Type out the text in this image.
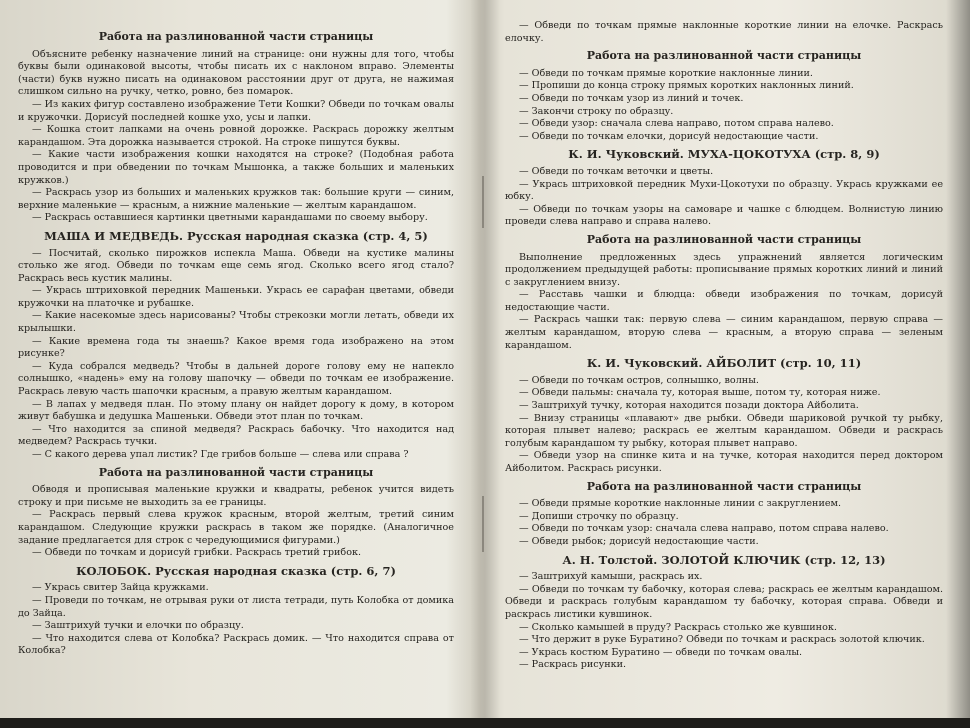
Работа на разлинованной части страницы

Объясните ребенку назначение линий на странице: они нужны для того, чтобы буквы были одинаковой высоты, чтобы писать их с наклоном вправо. Элементы (части) букв нужно писать на одинаковом расстоянии друг от друга, не нажимая слишком сильно на ручку, четко, ровно, без помарок.

— Из каких фигур составлено изображение Тети Кошки? Обведи по точкам овалы и кружочки. Дорисуй последней кошке ухо, усы и лапки.

— Кошка стоит лапками на очень ровной дорожке. Раскрась дорожку желтым карандашом. Эта дорожка называется строкой. На строке пишутся буквы.

— Какие части изображения кошки находятся на строке? (Подобная работа проводится и при обведении по точкам Мышонка, а также больших и маленьких кружков.)

— Раскрась узор из больших и маленьких кружков так: большие круги — синим, верхние маленькие — красным, а нижние маленькие — желтым карандашом.

— Раскрась оставшиеся картинки цветными карандашами по своему выбору.

МАША И МЕДВЕДЬ. Русская народная сказка (стр. 4, 5)

— Посчитай, сколько пирожков испекла Маша. Обведи на кустике малины столько же ягод. Обведи по точкам еще семь ягод. Сколько всего ягод стало? Раскрась весь кустик малины.

— Укрась штриховкой передник Машеньки. Укрась ее сарафан цветами, обведи кружочки на платочке и рубашке.

— Какие насекомые здесь нарисованы? Чтобы стрекозки могли летать, обведи их крылышки.

— Какие времена года ты знаешь? Какое время года изображено на этом рисунке?

— Куда собрался медведь? Чтобы в дальней дороге голову ему не напекло солнышко, «надень» ему на голову шапочку — обведи по точкам ее изображение. Раскрась левую часть шапочки красным, а правую желтым карандашом.

— В лапах у медведя план. По этому плану он найдет дорогу к дому, в котором живут бабушка и дедушка Машеньки. Обведи этот план по точкам.

— Что находится за спиной медведя? Раскрась бабочку. Что находится над медведем? Раскрась тучки.

— С какого дерева упал листик? Где грибов больше — слева или справа ?

Работа на разлинованной части страницы

Обводя и прописывая маленькие кружки и квадраты, ребенок учится видеть строку и при письме не выходить за ее границы.

— Раскрась первый слева кружок красным, второй желтым, третий синим карандашом. Следующие кружки раскрась в таком же порядке. (Аналогичное задание предлагается для строк с чередующимися фигурами.)

— Обведи по точкам и дорисуй грибки. Раскрась третий грибок.

КОЛОБОК. Русская народная сказка (стр. 6, 7)

— Укрась свитер Зайца кружками.

— Проведи по точкам, не отрывая руки от листа тетради, путь Колобка от домика до Зайца.

— Заштрихуй тучки и елочки по образцу.

— Что находится слева от Колобка? Раскрась домик. — Что находится справа от Колобка?

— Обведи по точкам прямые наклонные короткие линии на елочке. Раскрась елочку.

Работа на разлинованной части страницы

— Обведи по точкам прямые короткие наклонные линии.

— Пропиши до конца строку прямых коротких наклонных линий.

— Обведи по точкам узор из линий и точек.

— Закончи строку по образцу.

— Обведи узор: сначала слева направо, потом справа налево.

— Обведи по точкам елочки, дорисуй недостающие части.

К. И. Чуковский. МУХА-ЦОКОТУХА (стр. 8, 9)

— Обведи по точкам веточки и цветы.

— Укрась штриховкой передник Мухи-Цокотухи по образцу. Укрась кружками ее юбку.

— Обведи по точкам узоры на самоваре и чашке с блюдцем. Волнистую линию проведи слева направо и справа налево.

Работа на разлинованной части страницы

Выполнение предложенных здесь упражнений является логическим продолжением предыдущей работы: прописывание прямых коротких линий и линий с закруглением внизу.

— Расставь чашки и блюдца: обведи изображения по точкам, дорисуй недостающие части.

— Раскрась чашки так: первую слева — синим карандашом, первую справа — желтым карандашом, вторую слева — красным, а вторую справа — зеленым карандашом.

К. И. Чуковский. АЙБОЛИТ (стр. 10, 11)

— Обведи по точкам остров, солнышко, волны.

— Обведи пальмы: сначала ту, которая выше, потом ту, которая ниже.

— Заштрихуй тучку, которая находится позади доктора Айболита.

— Внизу страницы «плавают» две рыбки. Обведи шариковой ручкой ту рыбку, которая плывет налево; раскрась ее желтым карандашом. Обведи и раскрась голубым карандашом ту рыбку, которая плывет направо.

— Обведи узор на спинке кита и на тучке, которая находится перед доктором Айболитом. Раскрась рисунки.

Работа на разлинованной части страницы

— Обведи прямые короткие наклонные линии с закруглением.

— Допиши строчку по образцу.

— Обведи по точкам узор: сначала слева направо, потом справа налево.

— Обведи рыбок; дорисуй недостающие части.

А. Н. Толстой. ЗОЛОТОЙ КЛЮЧИК (стр. 12, 13)

— Заштрихуй камыши, раскрась их.

— Обведи по точкам ту бабочку, которая слева; раскрась ее желтым карандашом. Обведи и раскрась голубым карандашом ту бабочку, которая справа. Обведи и раскрась листики кувшинок.

— Сколько камышей в пруду? Раскрась столько же кувшинок.

— Что держит в руке Буратино? Обведи по точкам и раскрась золотой ключик.

— Укрась костюм Буратино — обведи по точкам овалы.

— Раскрась рисунки.
